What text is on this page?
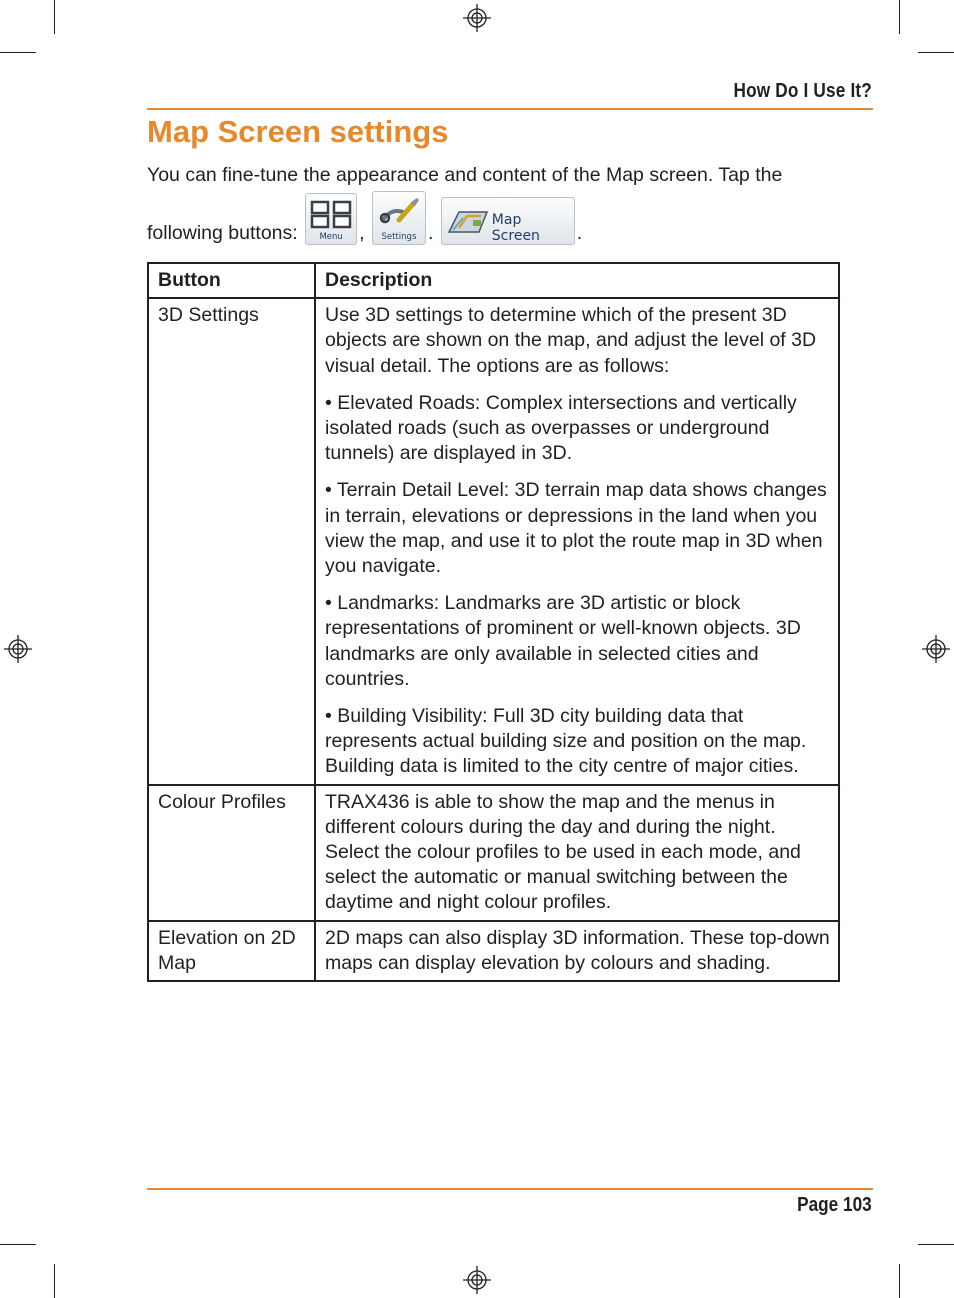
How Do I Use It?
Map Screen settings
You can fine-tune the appearance and content of the Map screen. Tap the
following buttons:
	Menu ,
	Settings .

Map Screen	.
Button	Description
3D Settings	Use 3D settings to determine which of the present 3D objects are shown on the map, and adjust the level of 3D visual detail. The options are as follows:

• Elevated Roads: Complex intersections and vertically isolated roads (such as overpasses or underground tunnels) are displayed in 3D.

• Terrain Detail Level: 3D terrain map data shows changes in terrain, elevations or depressions in the land when you view the map, and use it to plot the route map in 3D when you navigate.

• Landmarks: Landmarks are 3D artistic or block representations of prominent or well-known objects. 3D landmarks are only available in selected cities and countries.

• Building Visibility: Full 3D city building data that represents actual building size and position on the map. Building data is limited to the city centre of major cities.

Colour Profiles	TRAX436 is able to show the map and the menus in different colours during the day and during the night. Select the colour profiles to be used in each mode, and select the automatic or manual switching between the daytime and night colour profiles.

Elevation on 2D Map	2D maps can also display 3D information. These top-down maps can display elevation by colours and shading.

Page 103
